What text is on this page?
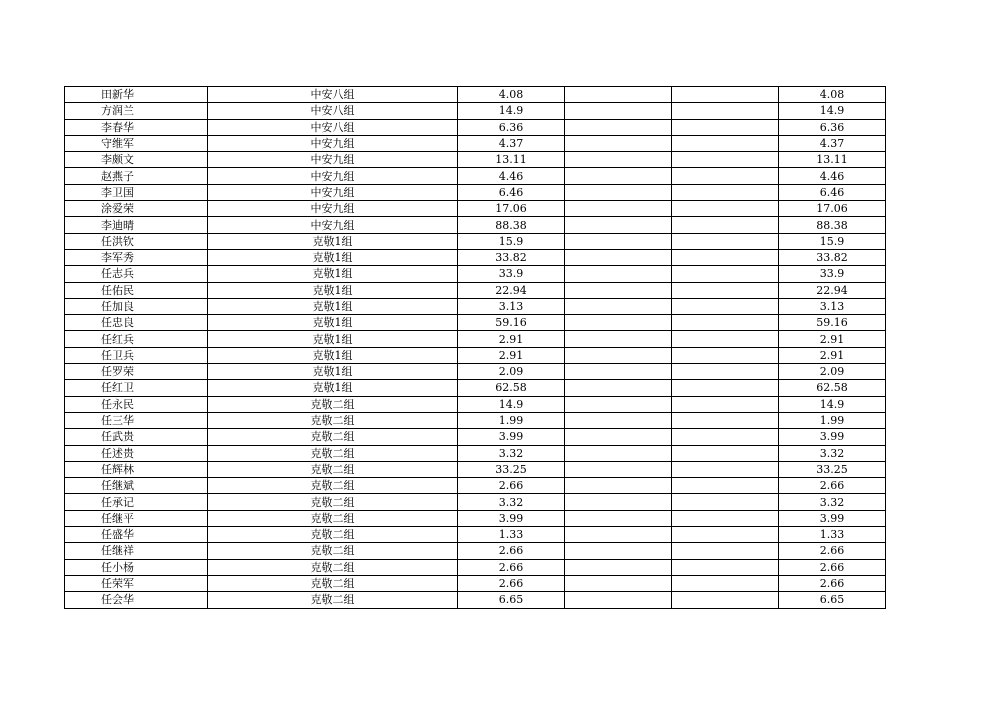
田新华	中安八组	4.08			4.08
方润兰	中安八组	14.9			14.9
李春华	中安八组	6.36			6.36
守维军	中安九组	4.37			4.37
李颇文	中安九组	13.11			13.11
赵燕子	中安九组	4.46			4.46
李卫国	中安九组	6.46			6.46
涂爱荣	中安九组	17.06			17.06
李迪晴	中安九组	88.38			88.38
任洪钦	克敬1组	15.9			15.9
李军秀	克敬1组	33.82			33.82
任志兵	克敬1组	33.9			33.9
任佑民	克敬1组	22.94			22.94
任加良	克敬1组	3.13			3.13
任忠良	克敬1组	59.16			59.16
任红兵	克敬1组	2.91			2.91
任卫兵	克敬1组	2.91			2.91
任罗荣	克敬1组	2.09			2.09
任红卫	克敬1组	62.58			62.58
任永民	克敬二组	14.9			14.9
任三华	克敬二组	1.99			1.99
任武贵	克敬二组	3.99			3.99
任述贵	克敬二组	3.32			3.32
任辉林	克敬二组	33.25			33.25
任继斌	克敬二组	2.66			2.66
任承记	克敬二组	3.32			3.32
任继平	克敬二组	3.99			3.99
任盛华	克敬二组	1.33			1.33
任继祥	克敬二组	2.66			2.66
任小杨	克敬二组	2.66			2.66
任荣军	克敬二组	2.66			2.66
任会华	克敬二组	6.65			6.65
